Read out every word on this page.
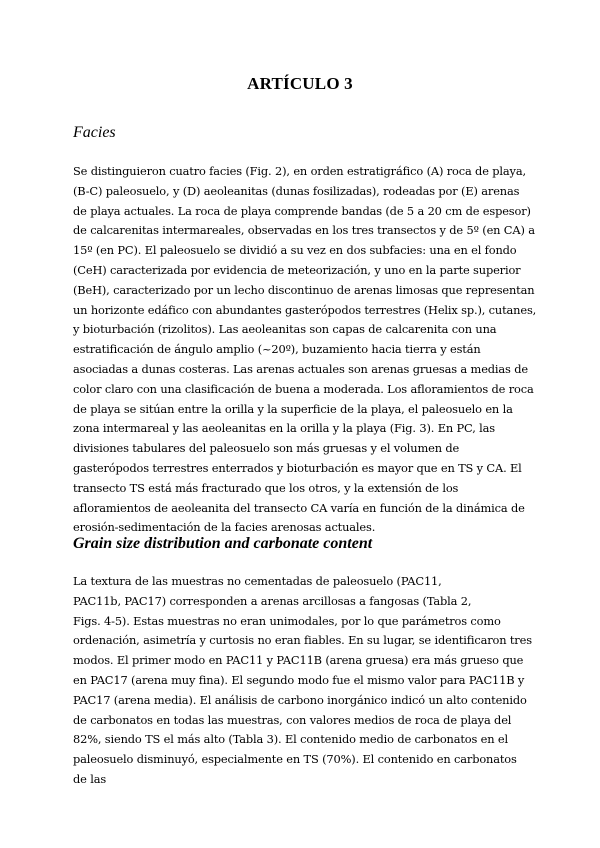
ARTÍCULO 3
Facies
Se distinguieron cuatro facies (Fig. 2), en orden estratigráfico (A) roca de playa,
(B-C) paleosuelo, y (D) aeoleanitas (dunas fosilizadas), rodeadas por (E) arenas
de playa actuales. La roca de playa comprende bandas (de 5 a 20 cm de espesor)
de calcarenitas intermareales, observadas en los tres transectos y de 5º (en CA) a
15º (en PC). El paleosuelo se dividió a su vez en dos subfacies: una en el fondo
(CeH) caracterizada por evidencia de meteorización, y uno en la parte superior
(BeH), caracterizado por un lecho discontinuo de arenas limosas que representan
un horizonte edáfico con abundantes gasterópodos terrestres (Helix sp.), cutanes,
y bioturbación (rizolitos). Las aeoleanitas son capas de calcarenita con una
estratificación de ángulo amplio (~20º), buzamiento hacia tierra y están
asociadas a dunas costeras. Las arenas actuales son arenas gruesas a medias de
color claro con una clasificación de buena a moderada. Los afloramientos de roca
de playa se sitúan entre la orilla y la superficie de la playa, el paleosuelo en la
zona intermareal y las aeoleanitas en la orilla y la playa (Fig. 3). En PC, las
divisiones tabulares del paleosuelo son más gruesas y el volumen de
gasterópodos terrestres enterrados y bioturbación es mayor que en TS y CA. El
transecto TS está más fracturado que los otros, y la extensión de los
afloramientos de aeoleanita del transecto CA varía en función de la dinámica de
erosión-sedimentación de la facies arenosas actuales.
Grain size distribution and carbonate content
La textura de las muestras no cementadas de paleosuelo (PAC11,
PAC11b, PAC17) corresponden a arenas arcillosas a fangosas (Tabla 2,
Figs. 4-5). Estas muestras no eran unimodales, por lo que parámetros como
ordenación, asimetría y curtosis no eran fiables. En su lugar, se identificaron tres
modos. El primer modo en PAC11 y PAC11B (arena gruesa) era más grueso que
en PAC17 (arena muy fina). El segundo modo fue el mismo valor para PAC11B y
PAC17 (arena media). El análisis de carbono inorgánico indicó un alto contenido
de carbonatos en todas las muestras, con valores medios de roca de playa del
82%, siendo TS el más alto (Tabla 3). El contenido medio de carbonatos en el
paleosuelo disminuyó, especialmente en TS (70%). El contenido en carbonatos
de las
